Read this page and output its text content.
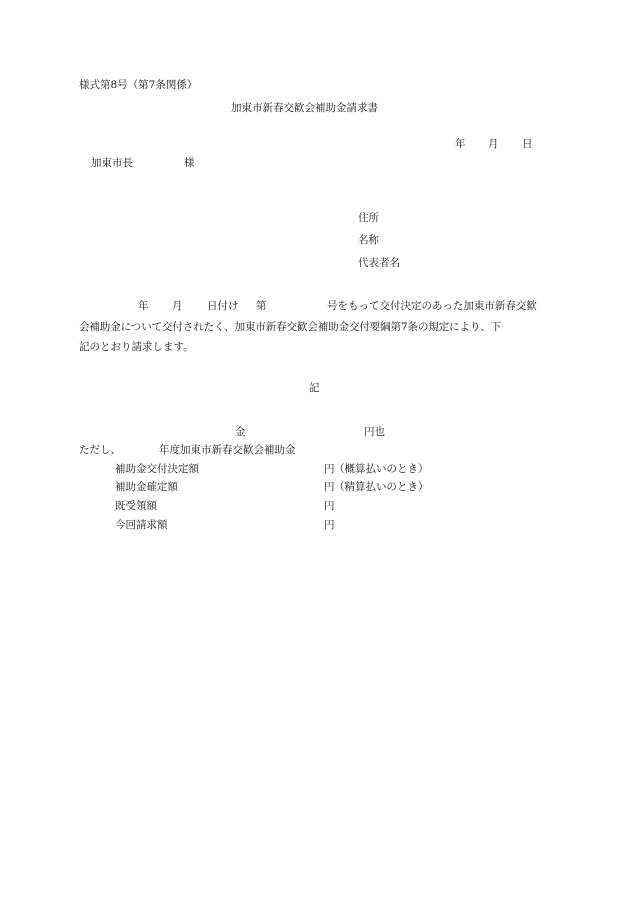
様式第8号（第7条関係）
加東市新春交歓会補助金請求書
年 月 日
加東市長	様
住所
名称
代表者名
年 月 日付け 第	号をもって交付決定のあった加東市新春交歓
会補助金について交付されたく、加東市新春交歓会補助金交付要綱第7条の規定により、下
記のとおり請求します。
記
金	円也
ただし、	年度加東市新春交歓会補助金
補助金交付決定額	円 （概算払いのとき）
補助金確定額	円 （精算払いのとき）
既受領額	円
今回請求額	円
